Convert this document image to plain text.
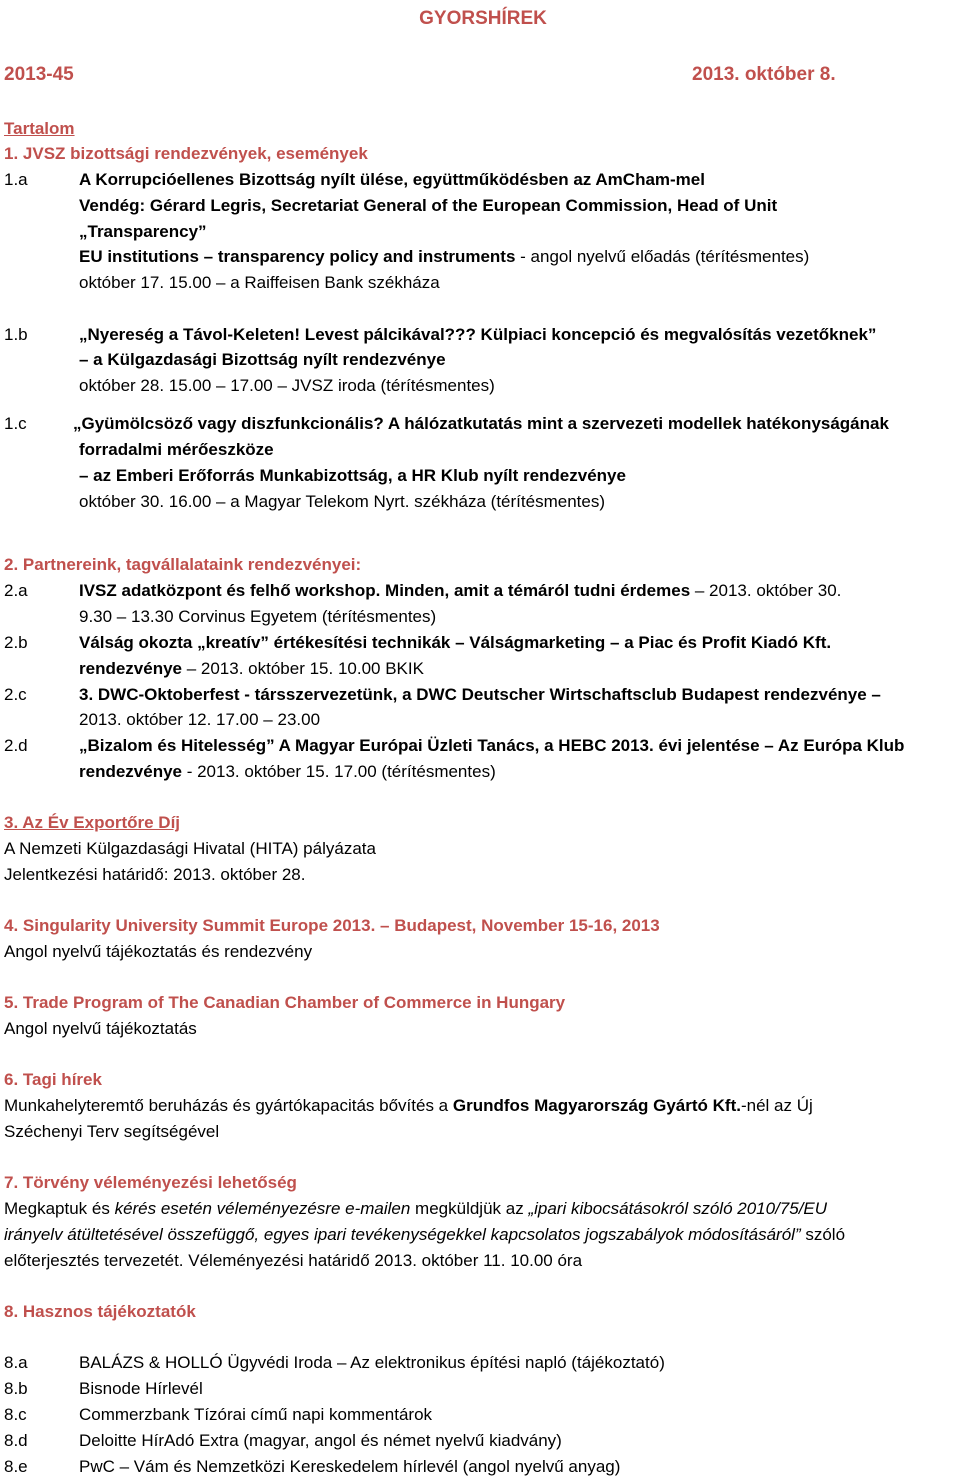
GYORSHÍREK
2013-45	2013. október 8.
Tartalom
1. JVSZ bizottsági rendezvények, események
1.a	A Korrupcióellenes Bizottság nyílt ülése, együttműködésben az AmCham-mel
Vendég: Gérard Legris, Secretariat General of the European Commission, Head of Unit
„Transparency”
EU institutions – transparency policy and instruments - angol nyelvű előadás (térítésmentes)
október 17. 15.00 – a Raiffeisen Bank székháza
1.b	„Nyereség a Távol-Keleten! Levest pálcikával??? Külpiaci koncepció és megvalósítás vezetőknek”
– a Külgazdasági Bizottság nyílt rendezvénye
október 28. 15.00 – 17.00 – JVSZ iroda (térítésmentes)
1.c	„Gyümölcsöző vagy diszfunkcionális? A hálózatkutatás mint a szervezeti modellek hatékonyságának
forradalmi mérőeszköze
– az Emberi Erőforrás Munkabizottság, a HR Klub nyílt rendezvénye
október 30. 16.00 – a Magyar Telekom Nyrt. székháza (térítésmentes)
2. Partnereink, tagvállalataink rendezvényei:
2.a	IVSZ adatközpont és felhő workshop. Minden, amit a témáról tudni érdemes – 2013. október 30.
9.30 – 13.30 Corvinus Egyetem (térítésmentes)
2.b	Válság okozta „kreatív” értékesítési technikák – Válságmarketing – a Piac és Profit Kiadó Kft.
rendezvénye – 2013. október 15. 10.00 BKIK
2.c	3. DWC-Oktoberfest - társszervezetünk, a DWC Deutscher Wirtschaftsclub Budapest rendezvénye –
2013. október 12. 17.00 – 23.00
2.d	„Bizalom és Hitelesség” A Magyar Európai Üzleti Tanács, a HEBC 2013. évi jelentése – Az Európa Klub
rendezvénye - 2013. október 15. 17.00 (térítésmentes)
3. Az Év Exportőre Díj
A Nemzeti Külgazdasági Hivatal (HITA) pályázata
Jelentkezési határidő: 2013. október 28.
4. Singularity University Summit Europe 2013. – Budapest, November 15-16, 2013
Angol nyelvű tájékoztatás és rendezvény
5. Trade Program of The Canadian Chamber of Commerce in Hungary
Angol nyelvű tájékoztatás
6. Tagi hírek
Munkahelyteremtő beruházás és gyártókapacitás bővítés a Grundfos Magyarország Gyártó Kft.-nél az Új
Széchenyi Terv segítségével
7. Törvény véleményezési lehetőség
Megkaptuk és kérés esetén véleményezésre e-mailen megküldjük az „ipari kibocsátásokról szóló 2010/75/EU
irányelv átültetésével összefüggő, egyes ipari tevékenységekkel kapcsolatos jogszabályok módosításáról” szóló
előterjesztés tervezetét. Véleményezési határidő 2013. október 11. 10.00 óra
8. Hasznos tájékoztatók
8.a	BALÁZS & HOLLÓ Ügyvédi Iroda – Az elektronikus építési napló (tájékoztató)
8.b	Bisnode Hírlevél
8.c	Commerzbank Tízórai című napi kommentárok
8.d	Deloitte HírAdó Extra (magyar, angol és német nyelvű kiadvány)
8.e	PwC – Vám és Nemzetközi Kereskedelem hírlevél (angol nyelvű anyag)
